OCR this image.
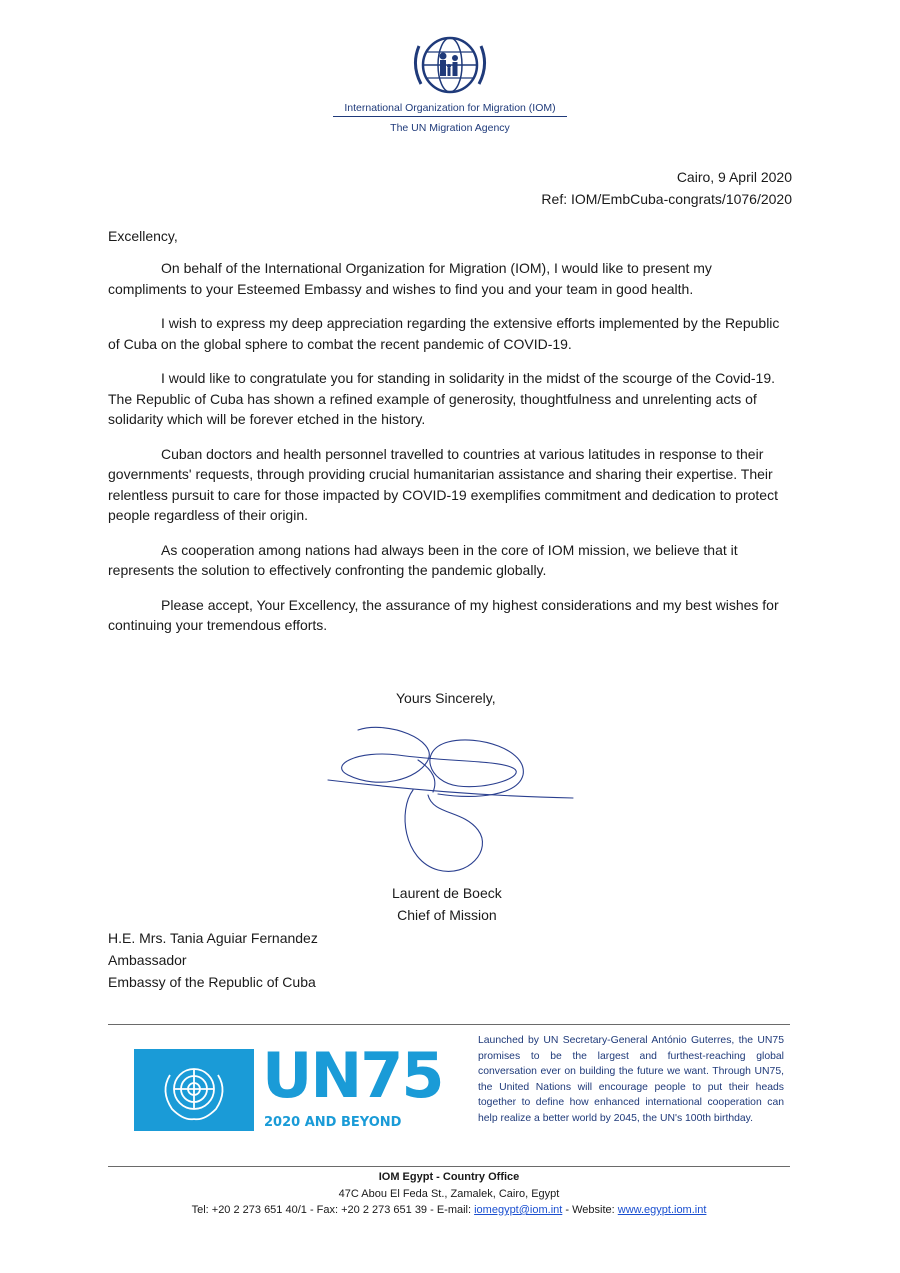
International Organization for Migration (IOM)
The UN Migration Agency
Cairo, 9 April 2020
Ref: IOM/EmbCuba-congrats/1076/2020
Excellency,

On behalf of the International Organization for Migration (IOM), I would like to present my compliments to your Esteemed Embassy and wishes to find you and your team in good health.

I wish to express my deep appreciation regarding the extensive efforts implemented by the Republic of Cuba on the global sphere to combat the recent pandemic of COVID-19.

I would like to congratulate you for standing in solidarity in the midst of the scourge of the Covid-19. The Republic of Cuba has shown a refined example of generosity, thoughtfulness and unrelenting acts of solidarity which will be forever etched in the history.

Cuban doctors and health personnel travelled to countries at various latitudes in response to their governments' requests, through providing crucial humanitarian assistance and sharing their expertise. Their relentless pursuit to care for those impacted by COVID-19 exemplifies commitment and dedication to protect people regardless of their origin.

As cooperation among nations had always been in the core of IOM mission, we believe that it represents the solution to effectively confronting the pandemic globally.

Please accept, Your Excellency, the assurance of my highest considerations and my best wishes for continuing your tremendous efforts.

Yours Sincerely,
Laurent de Boeck
Chief of Mission
H.E. Mrs. Tania Aguiar Fernandez
Ambassador
Embassy of the Republic of Cuba
UN75
2020 AND BEYOND
Launched by UN Secretary-General António Guterres, the UN75 promises to be the largest and furthest-reaching global conversation ever on building the future we want. Through UN75, the United Nations will encourage people to put their heads together to define how enhanced international cooperation can help realize a better world by 2045, the UN's 100th birthday.
IOM Egypt - Country Office
47C Abou El Feda St., Zamalek, Cairo, Egypt
Tel: +20 2 273 651 40/1 - Fax: +20 2 273 651 39 - E-mail: iomegypt@iom.int - Website: www.egypt.iom.int
